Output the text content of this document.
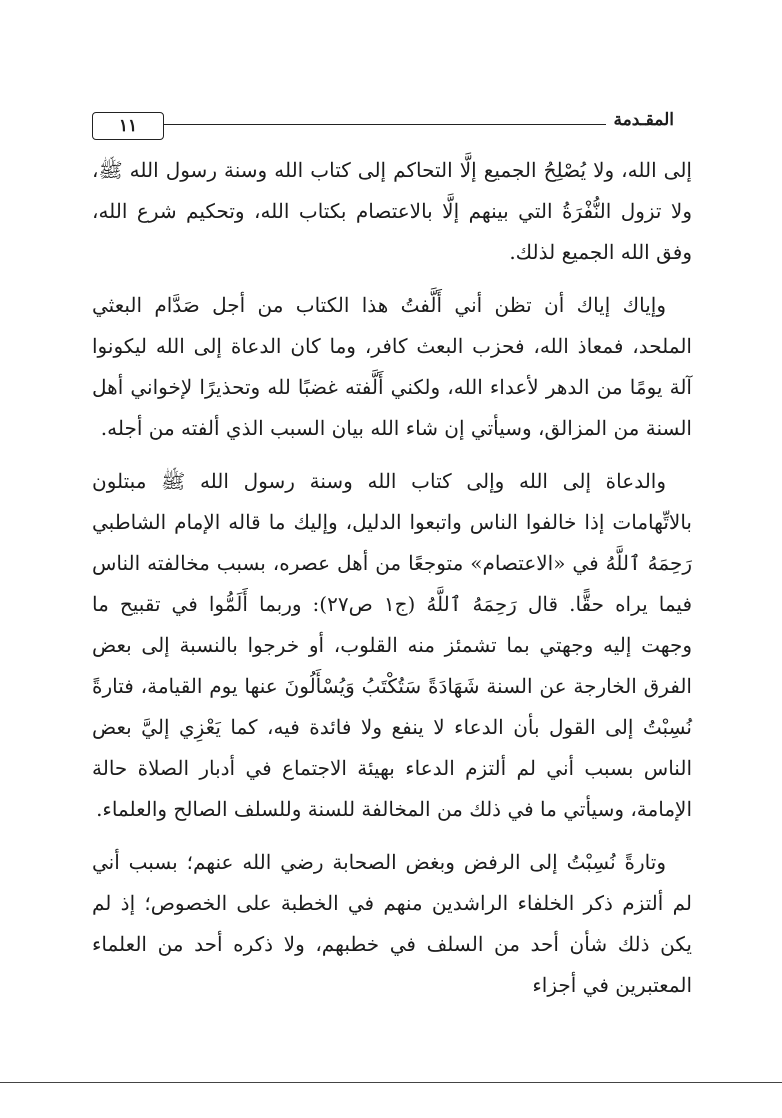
١١	المقـدمة

إلى الله، ولا يُصْلِحُ الجميع إلَّا التحاكم إلى كتاب الله وسنة رسول الله ﷺ، ولا تزول النُّفْرَةُ التي بينهم إلَّا بالاعتصام بكتاب الله، وتحكيم شرع الله، وفق الله الجميع لذلك.

وإياك إياك أن تظن أني أَلَّفتُ هذا الكتاب من أجل صَدَّام البعثي الملحد، فمعاذ الله، فحزب البعث كافر، وما كان الدعاة إلى الله ليكونوا آلة يومًا من الدهر لأعداء الله، ولكني أَلَّفته غضبًا لله وتحذيرًا لإخواني أهل السنة من المزالق، وسيأتي إن شاء الله بيان السبب الذي ألفته من أجله.

والدعاة إلى الله وإلى كتاب الله وسنة رسول الله ﷺ مبتلون بالاتِّهامات إذا خالفوا الناس واتبعوا الدليل، وإليك ما قاله الإمام الشاطبي رَحِمَهُ ٱللَّهُ في «الاعتصام» متوجعًا من أهل عصره، بسبب مخالفته الناس فيما يراه حقًّا. قال رَحِمَهُ ٱللَّهُ (ج١ ص٢٧): وربما أَلَمُّوا في تقبيح ما وجهت إليه وجهتي بما تشمئز منه القلوب، أو خرجوا بالنسبة إلى بعض الفرق الخارجة عن السنة شَهَادَةً سَتُكْتَبُ وَيُسْأَلُونَ عنها يوم القيامة، فتارةً نُسِبْتُ إلى القول بأن الدعاء لا ينفع ولا فائدة فيه، كما يَعْزِي إليَّ بعض الناس بسبب أني لم ألتزم الدعاء بهيئة الاجتماع في أدبار الصلاة حالة الإمامة، وسيأتي ما في ذلك من المخالفة للسنة وللسلف الصالح والعلماء.

وتارةً نُسِبْتُ إلى الرفض وبغض الصحابة رضي الله عنهم؛ بسبب أني لم ألتزم ذكر الخلفاء الراشدين منهم في الخطبة على الخصوص؛ إذ لم يكن ذلك شأن أحد من السلف في خطبهم، ولا ذكره أحد من العلماء المعتبرين في أجزاء
